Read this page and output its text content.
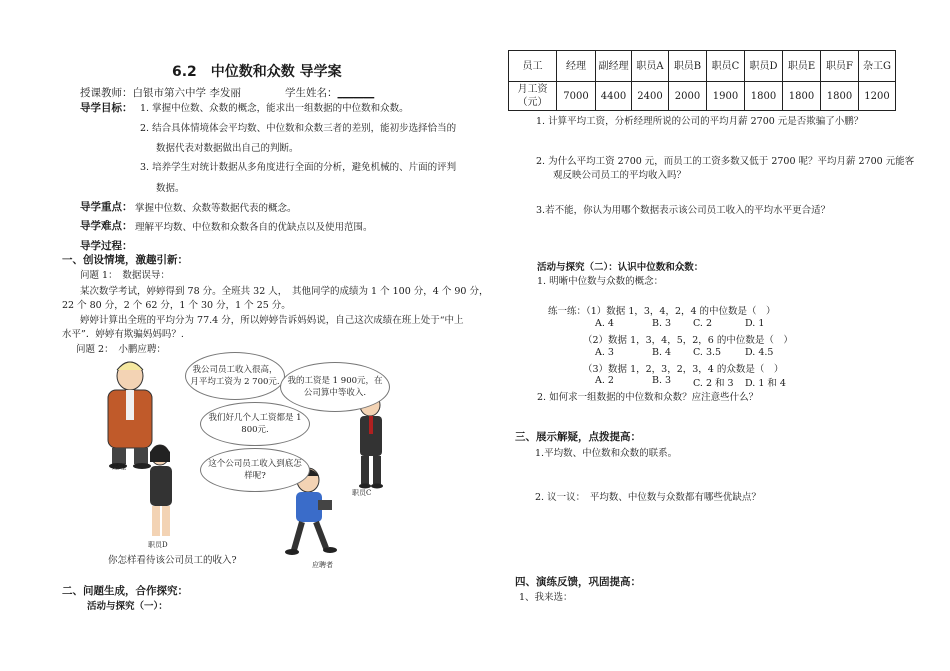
6.2　中位数和众数 导学案
授课教师：白银市第六中学 李发丽	学生姓名：_______
导学目标： 1. 掌握中位数、众数的概念，能求出一组数据的中位数和众数。
2. 结合具体情境体会平均数、中位数和众数三者的差别，能初步选择恰当的
数据代表对数据做出自己的判断。
3. 培养学生对统计数据从多角度进行全面的分析，避免机械的、片面的评判
数据。
导学重点： 掌握中位数、众数等数据代表的概念。
导学难点： 理解平均数、中位数和众数各自的优缺点以及使用范围。
导学过程：
一、创设情境，激趣引新：
问题 1：　数据误导：
某次数学考试，婷婷得到 78 分。全班共 32 人，　其他同学的成绩为 1 个 100 分，4 个 90 分，
22 个 80 分，2 个 62 分，1 个 30 分，1 个 25 分。
婷婷计算出全班的平均分为 77.4 分，所以婷婷告诉妈妈说，自己这次成绩在班上处于“中上
水平”．婷婷有欺骗妈妈吗？.
问题 2：　小鹏应聘：
我公司员工收入很高，月平均工资为 2 700元. 我的工资是 1 900元，在公司算中等收入.
我们好几个人工资都是 1 800元.
这个公司员工收入到底怎样呢?
经理
职员C
职员D
应聘者
你怎样看待该公司员工的收入?
二、问题生成，合作探究：
活动与探究（一）：
员工	经理	副经理	职员A	职员B	职员C	职员D	职员E	职员F	杂工G
月工资（元）	7000	4400	2400	2000	1900	1800	1800	1800	1200
1. 计算平均工资，分析经理所说的公司的平均月薪 2700 元是否欺骗了小鹏？
2. 为什么平均工资 2700 元，而员工的工资多数又低于 2700 呢？平均月薪 2700 元能客
观反映公司员工的平均收入吗？
3.若不能，你认为用哪个数据表示该公司员工收入的平均水平更合适？
活动与探究（二）：认识中位数和众数：
1. 明晰中位数与众数的概念：
练一练：（1）数据 1，3，4，2，4 的中位数是（　）
A. 4	B. 3 C. 2	D. 1
（2）数据 1，3，4，5，2，6 的中位数是（　）
A. 3	B. 4 C. 3.5	D. 4.5
（3）数据 1，2，3，2，3，4 的众数是（　）
A. 2	B. 3 C. 2 和 3 D. 1 和 4
2. 如何求一组数据的中位数和众数？应注意些什么？
三、展示解疑，点拨提高：
1.平均数、中位数和众数的联系。
2. 议一议：　平均数、中位数与众数都有哪些优缺点？
四、演练反馈，巩固提高：
1、我来选：
